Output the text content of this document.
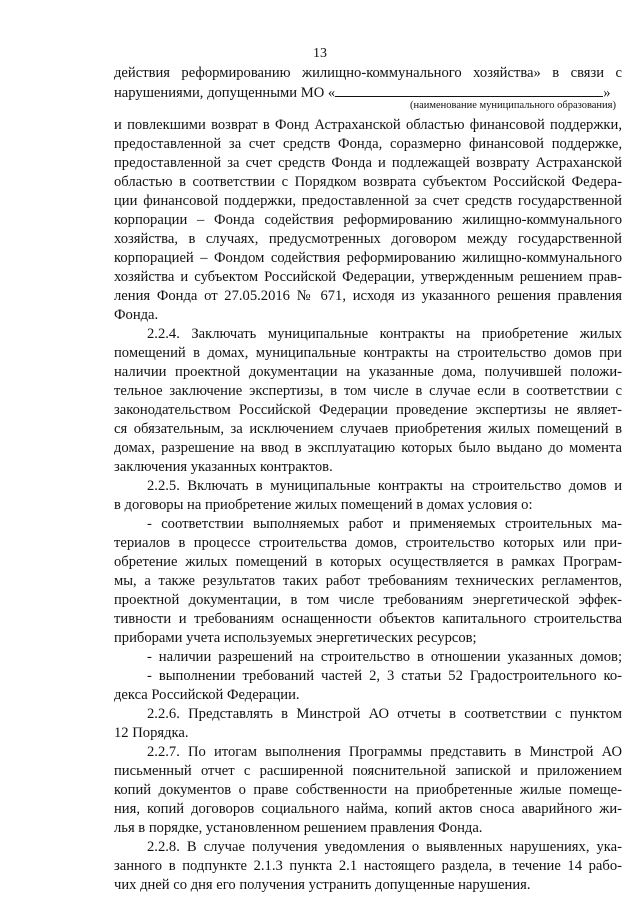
13
действия реформированию жилищно-коммунального хозяйства» в связи с
нарушениями, допущенными МО «	»
(наименование муниципального образования)
и повлекшими возврат в Фонд Астраханской областью финансовой поддержки,
предоставленной за счет средств Фонда, соразмерно финансовой поддержке,
предоставленной за счет средств Фонда и подлежащей возврату Астраханской
областью в соответствии с Порядком возврата субъектом Российской Федера-
ции финансовой поддержки, предоставленной за счет средств государственной
корпорации – Фонда содействия реформированию жилищно-коммунального
хозяйства, в случаях, предусмотренных договором между государственной
корпорацией – Фондом содействия реформированию жилищно-коммунального
хозяйства и субъектом Российской Федерации, утвержденным решением прав-
ления Фонда от 27.05.2016 № 671, исходя из указанного решения правления
Фонда.
2.2.4. Заключать муниципальные контракты на приобретение жилых
помещений в домах, муниципальные контракты на строительство домов при
наличии проектной документации на указанные дома, получившей положи-
тельное заключение экспертизы, в том числе в случае если в соответствии с
законодательством Российской Федерации проведение экспертизы не являет-
ся обязательным, за исключением случаев приобретения жилых помещений в
домах, разрешение на ввод в эксплуатацию которых было выдано до момента
заключения указанных контрактов.
2.2.5. Включать в муниципальные контракты на строительство домов и
в договоры на приобретение жилых помещений в домах условия о:
- соответствии выполняемых работ и применяемых строительных ма-
териалов в процессе строительства домов, строительство которых или при-
обретение жилых помещений в которых осуществляется в рамках Програм-
мы, а также результатов таких работ требованиям технических регламентов,
проектной документации, в том числе требованиям энергетической эффек-
тивности и требованиям оснащенности объектов капитального строительства
приборами учета используемых энергетических ресурсов;
- наличии разрешений на строительство в отношении указанных домов;
- выполнении требований частей 2, 3 статьи 52 Градостроительного ко-
декса Российской Федерации.
2.2.6. Представлять в Минстрой АО отчеты в соответствии с пунктом
12 Порядка.
2.2.7. По итогам выполнения Программы представить в Минстрой АО
письменный отчет с расширенной пояснительной запиской и приложением
копий документов о праве собственности на приобретенные жилые помеще-
ния, копий договоров социального найма, копий актов сноса аварийного жи-
лья в порядке, установленном решением правления Фонда.
2.2.8. В случае получения уведомления о выявленных нарушениях, ука-
занного в подпункте 2.1.3 пункта 2.1 настоящего раздела, в течение 14 рабо-
чих дней со дня его получения устранить допущенные нарушения.
